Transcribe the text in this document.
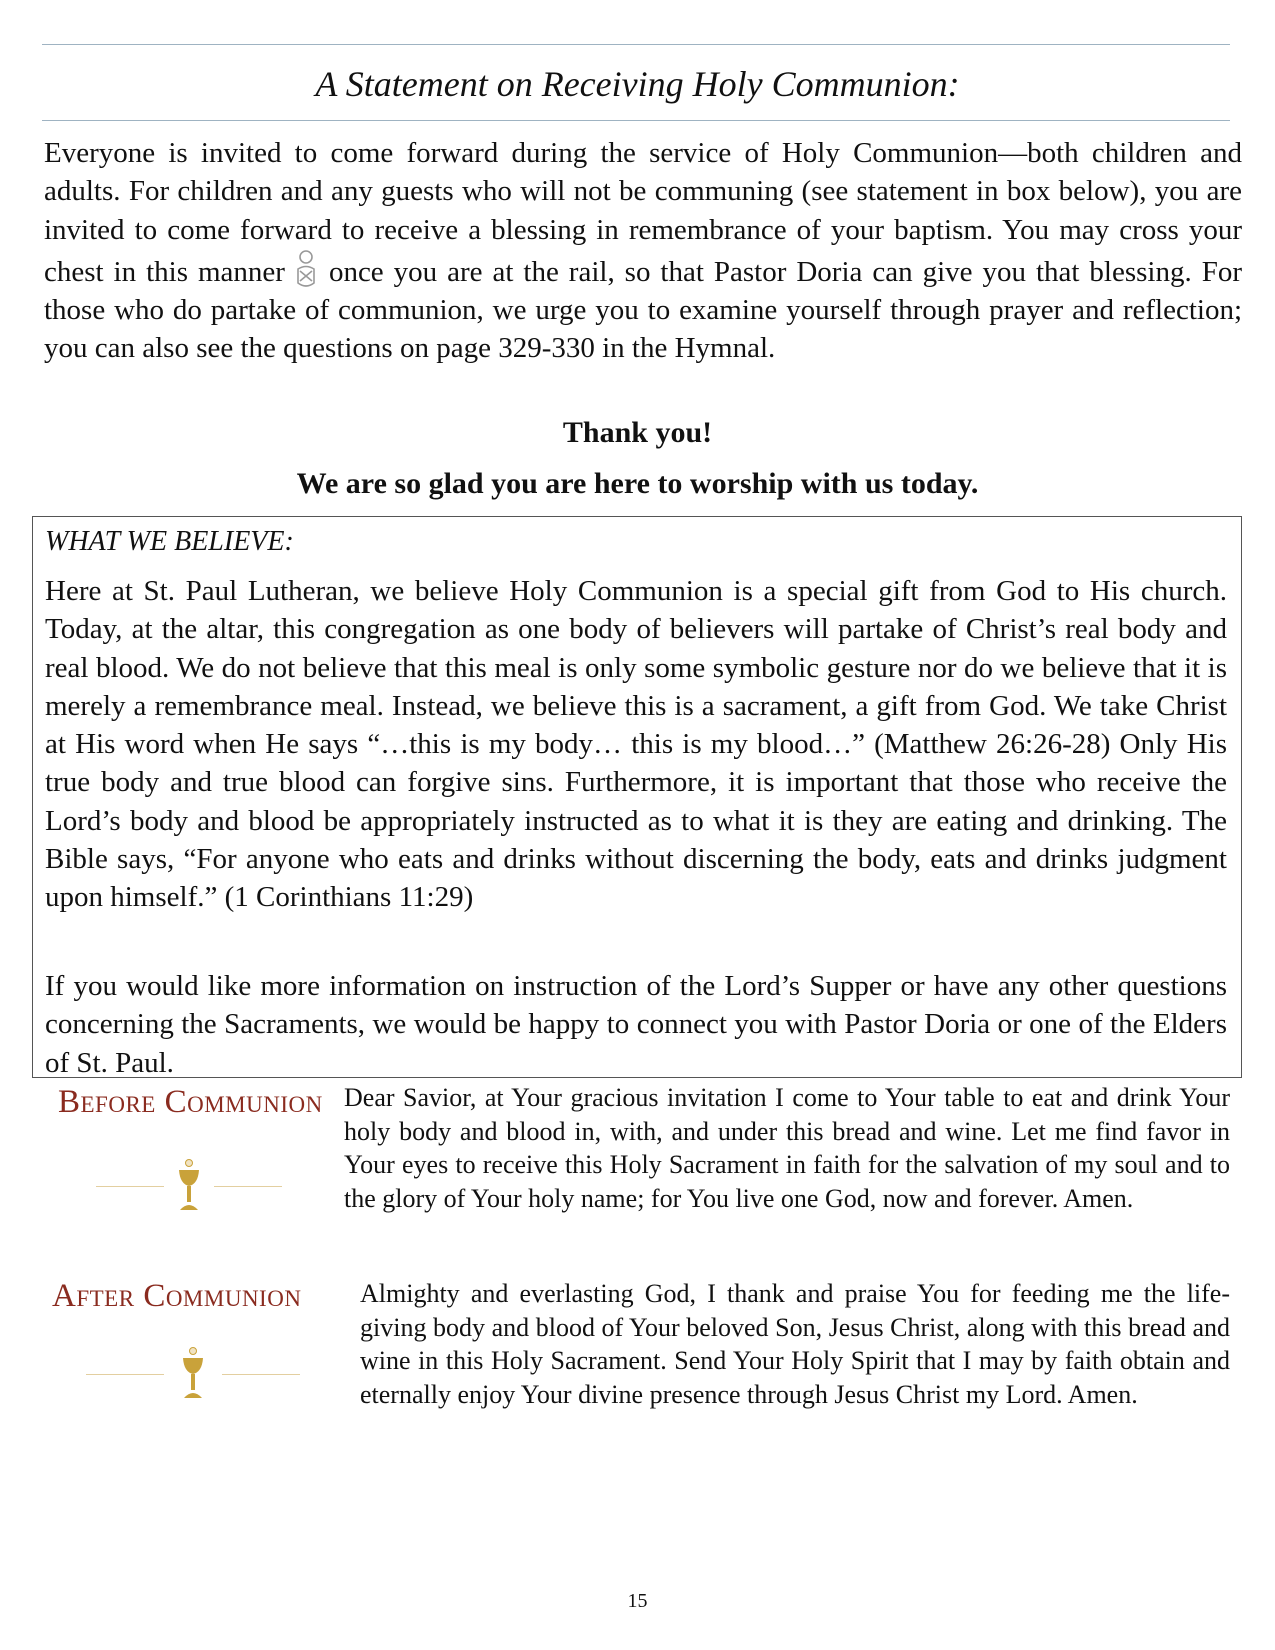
A Statement on Receiving Holy Communion:

Everyone is invited to come forward during the service of Holy Communion—both children and adults. For children and any guests who will not be communing (see statement in box below), you are invited to come forward to receive a blessing in remembrance of your baptism. You may cross your chest in this manner once you are at the rail, so that Pastor Doria can give you that blessing. For those who do partake of communion, we urge you to examine yourself through prayer and reflection; you can also see the questions on page 329-330 in the Hymnal.

Thank you!

We are so glad you are here to worship with us today.

WHAT WE BELIEVE:

Here at St. Paul Lutheran, we believe Holy Communion is a special gift from God to His church. Today, at the altar, this congregation as one body of believers will partake of Christ’s real body and real blood. We do not believe that this meal is only some symbolic gesture nor do we believe that it is merely a remembrance meal. Instead, we believe this is a sacrament, a gift from God. We take Christ at His word when He says “…this is my body… this is my blood…” (Matthew 26:26-28) Only His true body and true blood can forgive sins. Furthermore, it is important that those who receive the Lord’s body and blood be appropriately instructed as to what it is they are eating and drinking. The Bible says, “For anyone who eats and drinks without discerning the body, eats and drinks judgment upon himself.” (1 Corinthians 11:29)

If you would like more information on instruction of the Lord’s Supper or have any other questions concerning the Sacraments, we would be happy to connect you with Pastor Doria or one of the Elders of St. Paul.

Before Communion Dear Savior, at Your gracious invitation I come to Your table to eat and drink Your holy body and blood in, with, and under this bread and wine. Let me find favor in Your eyes to receive this Holy Sacrament in faith for the salvation of my soul and to the glory of Your holy name; for You live one God, now and forever. Amen.

After Communion Almighty and everlasting God, I thank and praise You for feeding me the life-giving body and blood of Your beloved Son, Jesus Christ, along with this bread and wine in this Holy Sacrament. Send Your Holy Spirit that I may by faith obtain and eternally enjoy Your divine presence through Jesus Christ my Lord. Amen.

15
